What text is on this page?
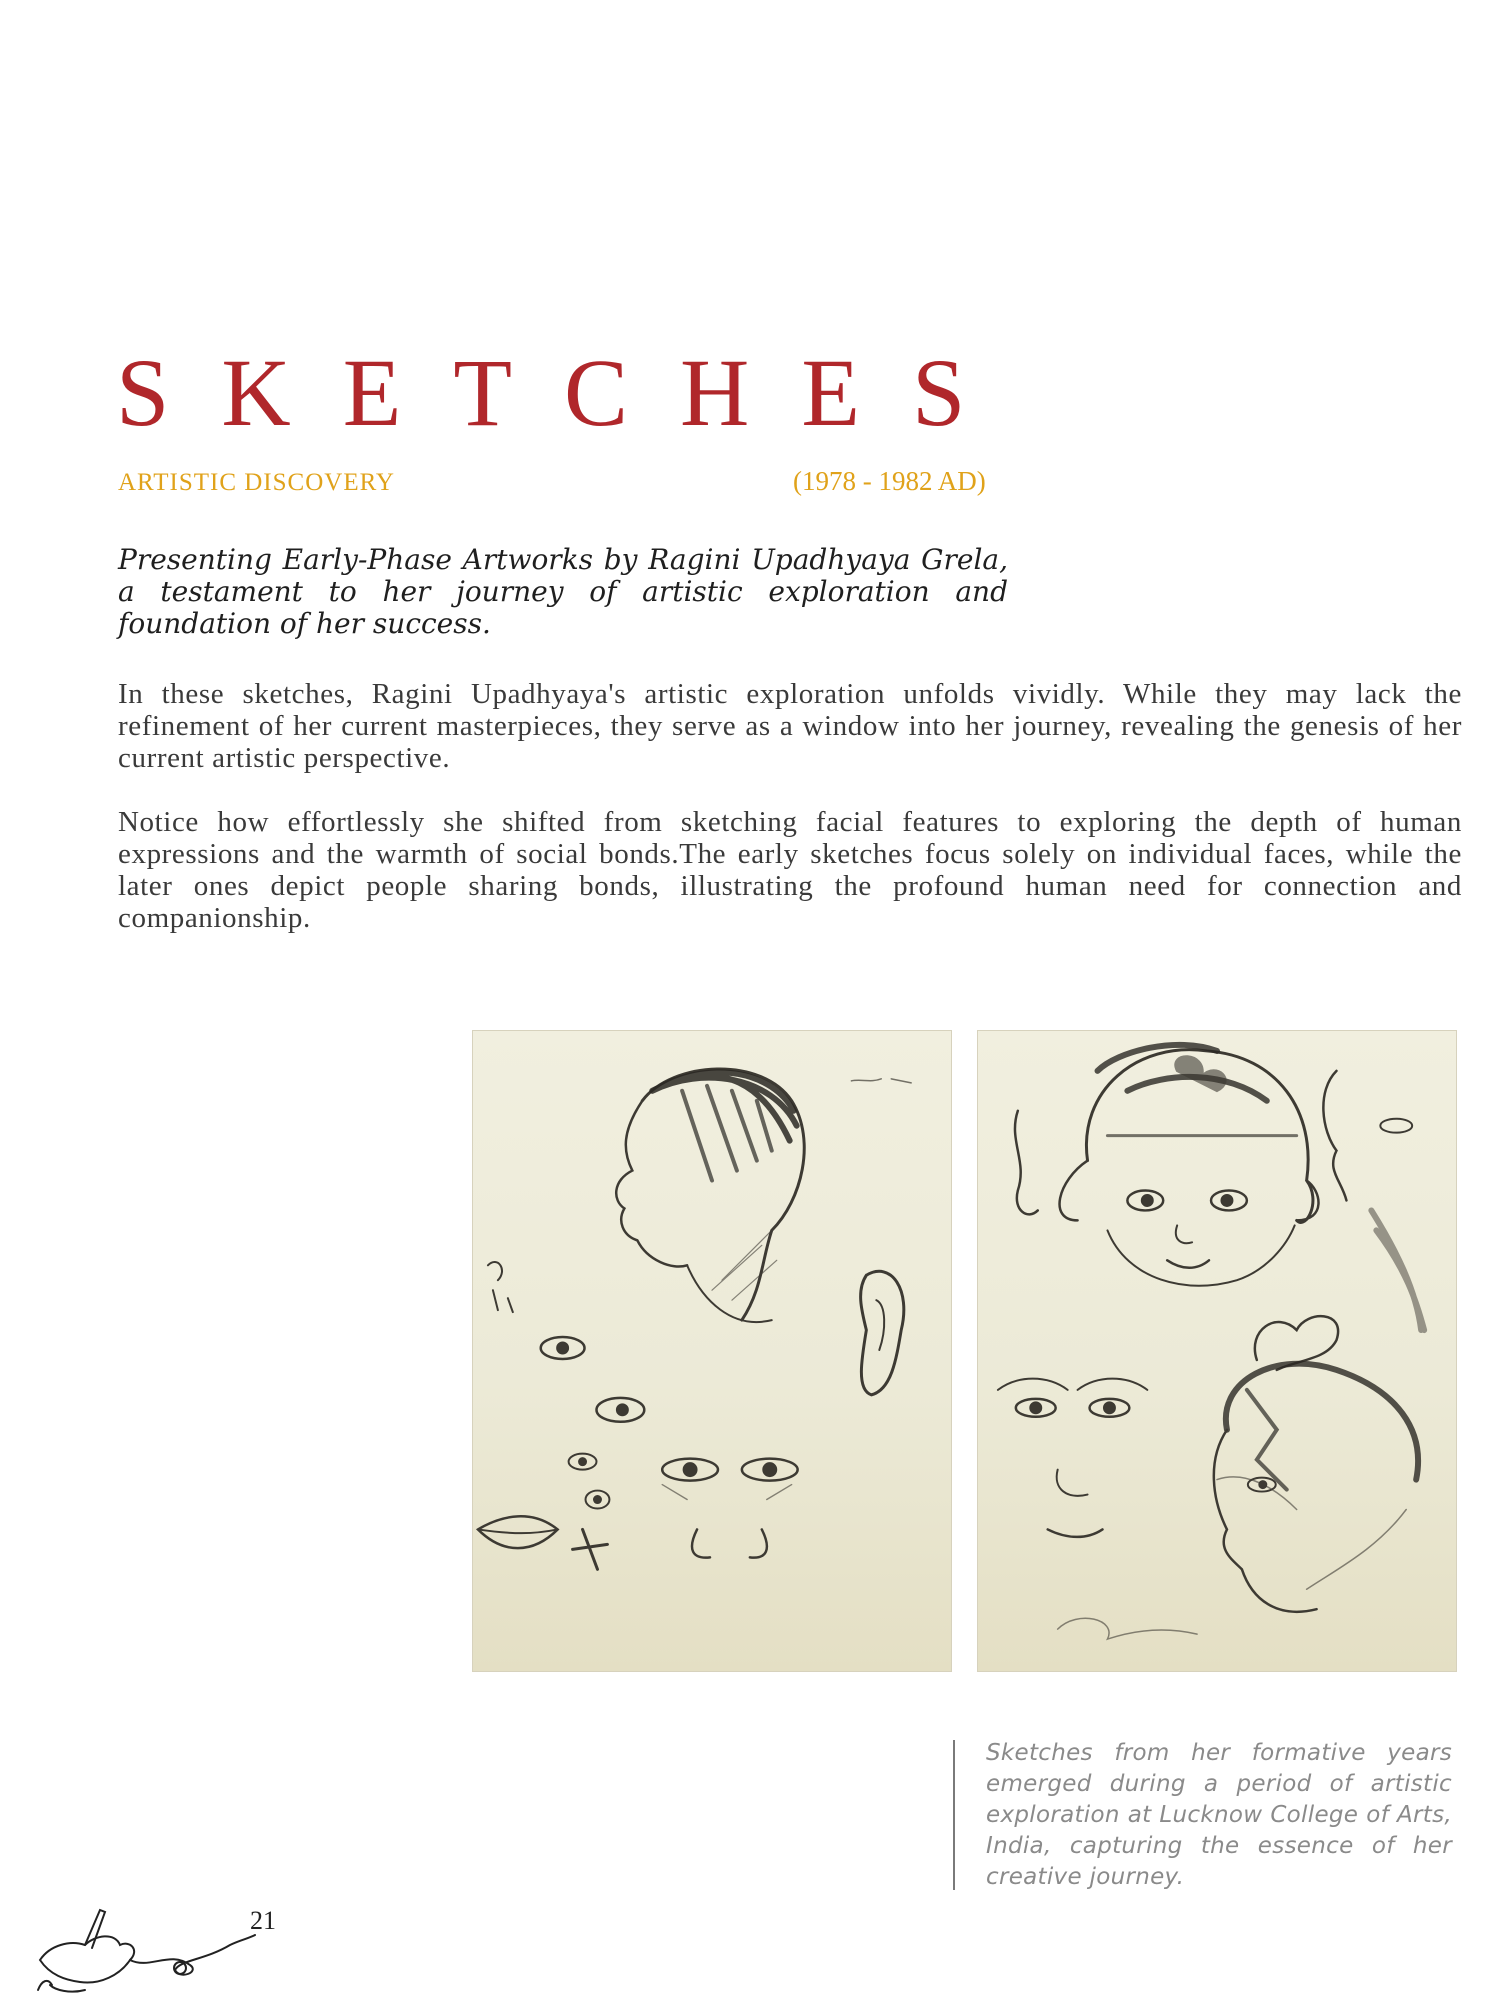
SKETCHES
ARTISTIC DISCOVERY	(1978 - 1982 AD)

Presenting Early-Phase Artworks by Ragini Upadhyaya Grela, a testament to her journey of artistic exploration and foundation of her success.

In these sketches, Ragini Upadhyaya's artistic exploration unfolds vividly. While they may lack the refinement of her current masterpieces, they serve as a window into her journey, revealing the genesis of her current artistic perspective.

Notice how effortlessly she shifted from sketching facial features to exploring the depth of human expressions and the warmth of social bonds.The early sketches focus solely on individual faces, while the later ones depict people sharing bonds, illustrating the profound human need for connection and companionship.

Sketches from her formative years emerged during a period of artistic exploration at Lucknow College of Arts, India, capturing the essence of her creative journey.

21
